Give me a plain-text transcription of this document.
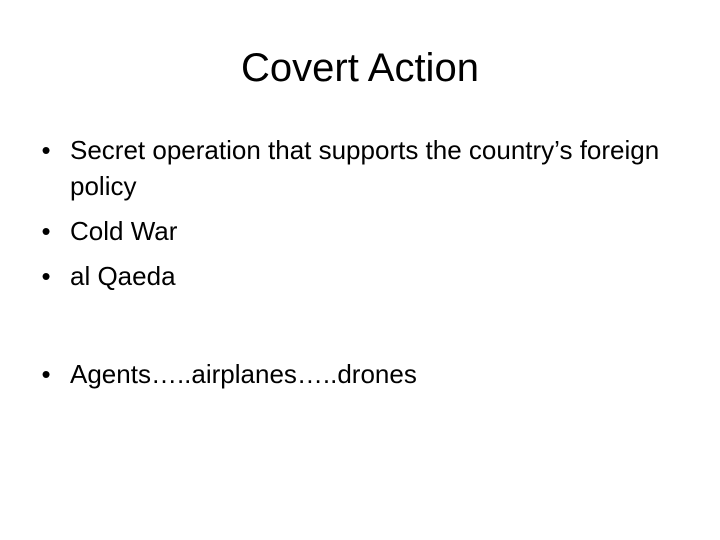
Covert Action
• Secret operation that supports the country’s foreign policy
• Cold War
• al Qaeda
• Agents…..airplanes…..drones
